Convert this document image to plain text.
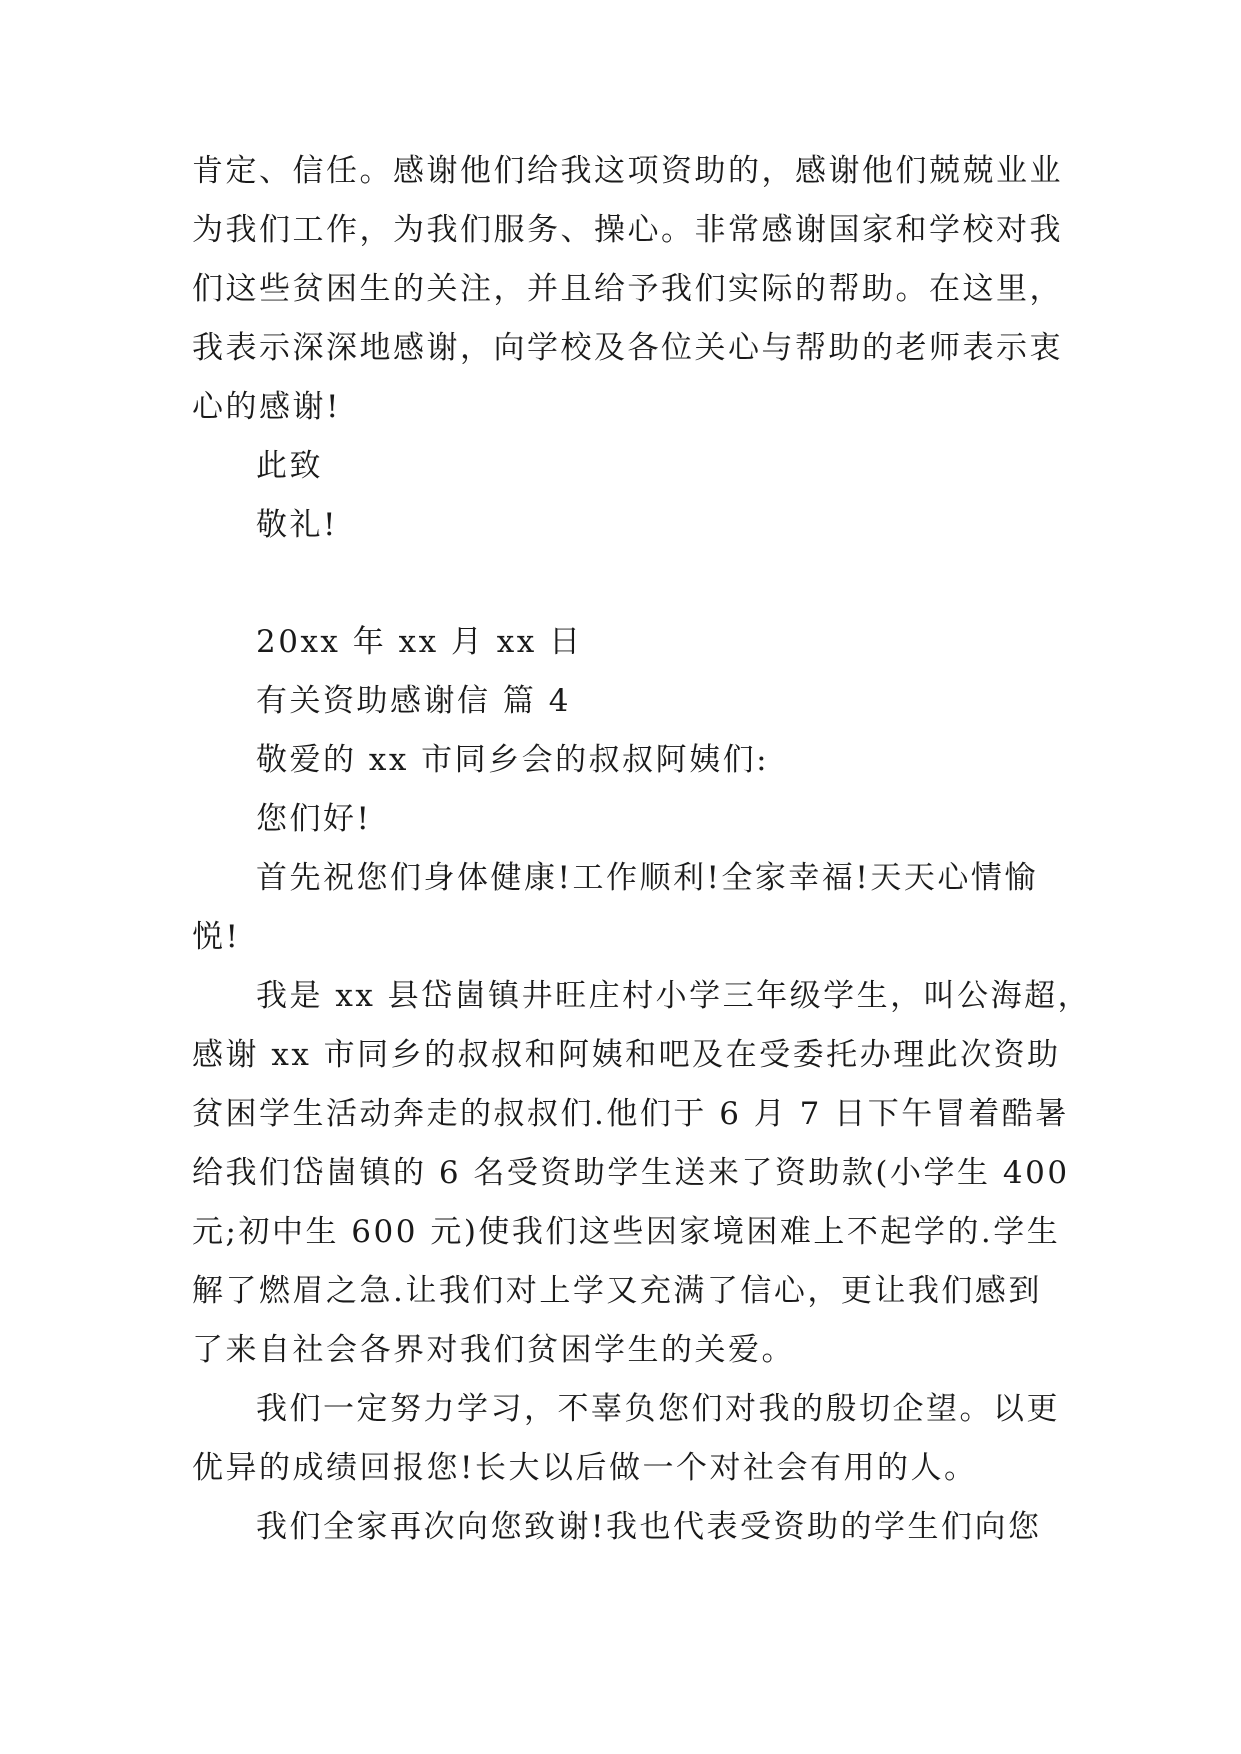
肯定、信任。感谢他们给我这项资助的，感谢他们兢兢业业
为我们工作，为我们服务、操心。非常感谢国家和学校对我
们这些贫困生的关注，并且给予我们实际的帮助。在这里，
我表示深深地感谢，向学校及各位关心与帮助的老师表示衷
心的感谢!
此致
敬礼!
20xx 年 xx 月 xx 日
有关资助感谢信 篇 4
敬爱的 xx 市同乡会的叔叔阿姨们:
您们好!
首先祝您们身体健康!工作顺利!全家幸福!天天心情愉
悦!
我是 xx 县岱崮镇井旺庄村小学三年级学生，叫公海超，
感谢 xx 市同乡的叔叔和阿姨和吧及在受委托办理此次资助
贫困学生活动奔走的叔叔们.他们于 6 月 7 日下午冒着酷暑
给我们岱崮镇的 6 名受资助学生送来了资助款(小学生 400
元;初中生 600 元)使我们这些因家境困难上不起学的.学生
解了燃眉之急.让我们对上学又充满了信心，更让我们感到
了来自社会各界对我们贫困学生的关爱。
我们一定努力学习，不辜负您们对我的殷切企望。以更
优异的成绩回报您!长大以后做一个对社会有用的人。
我们全家再次向您致谢!我也代表受资助的学生们向您
